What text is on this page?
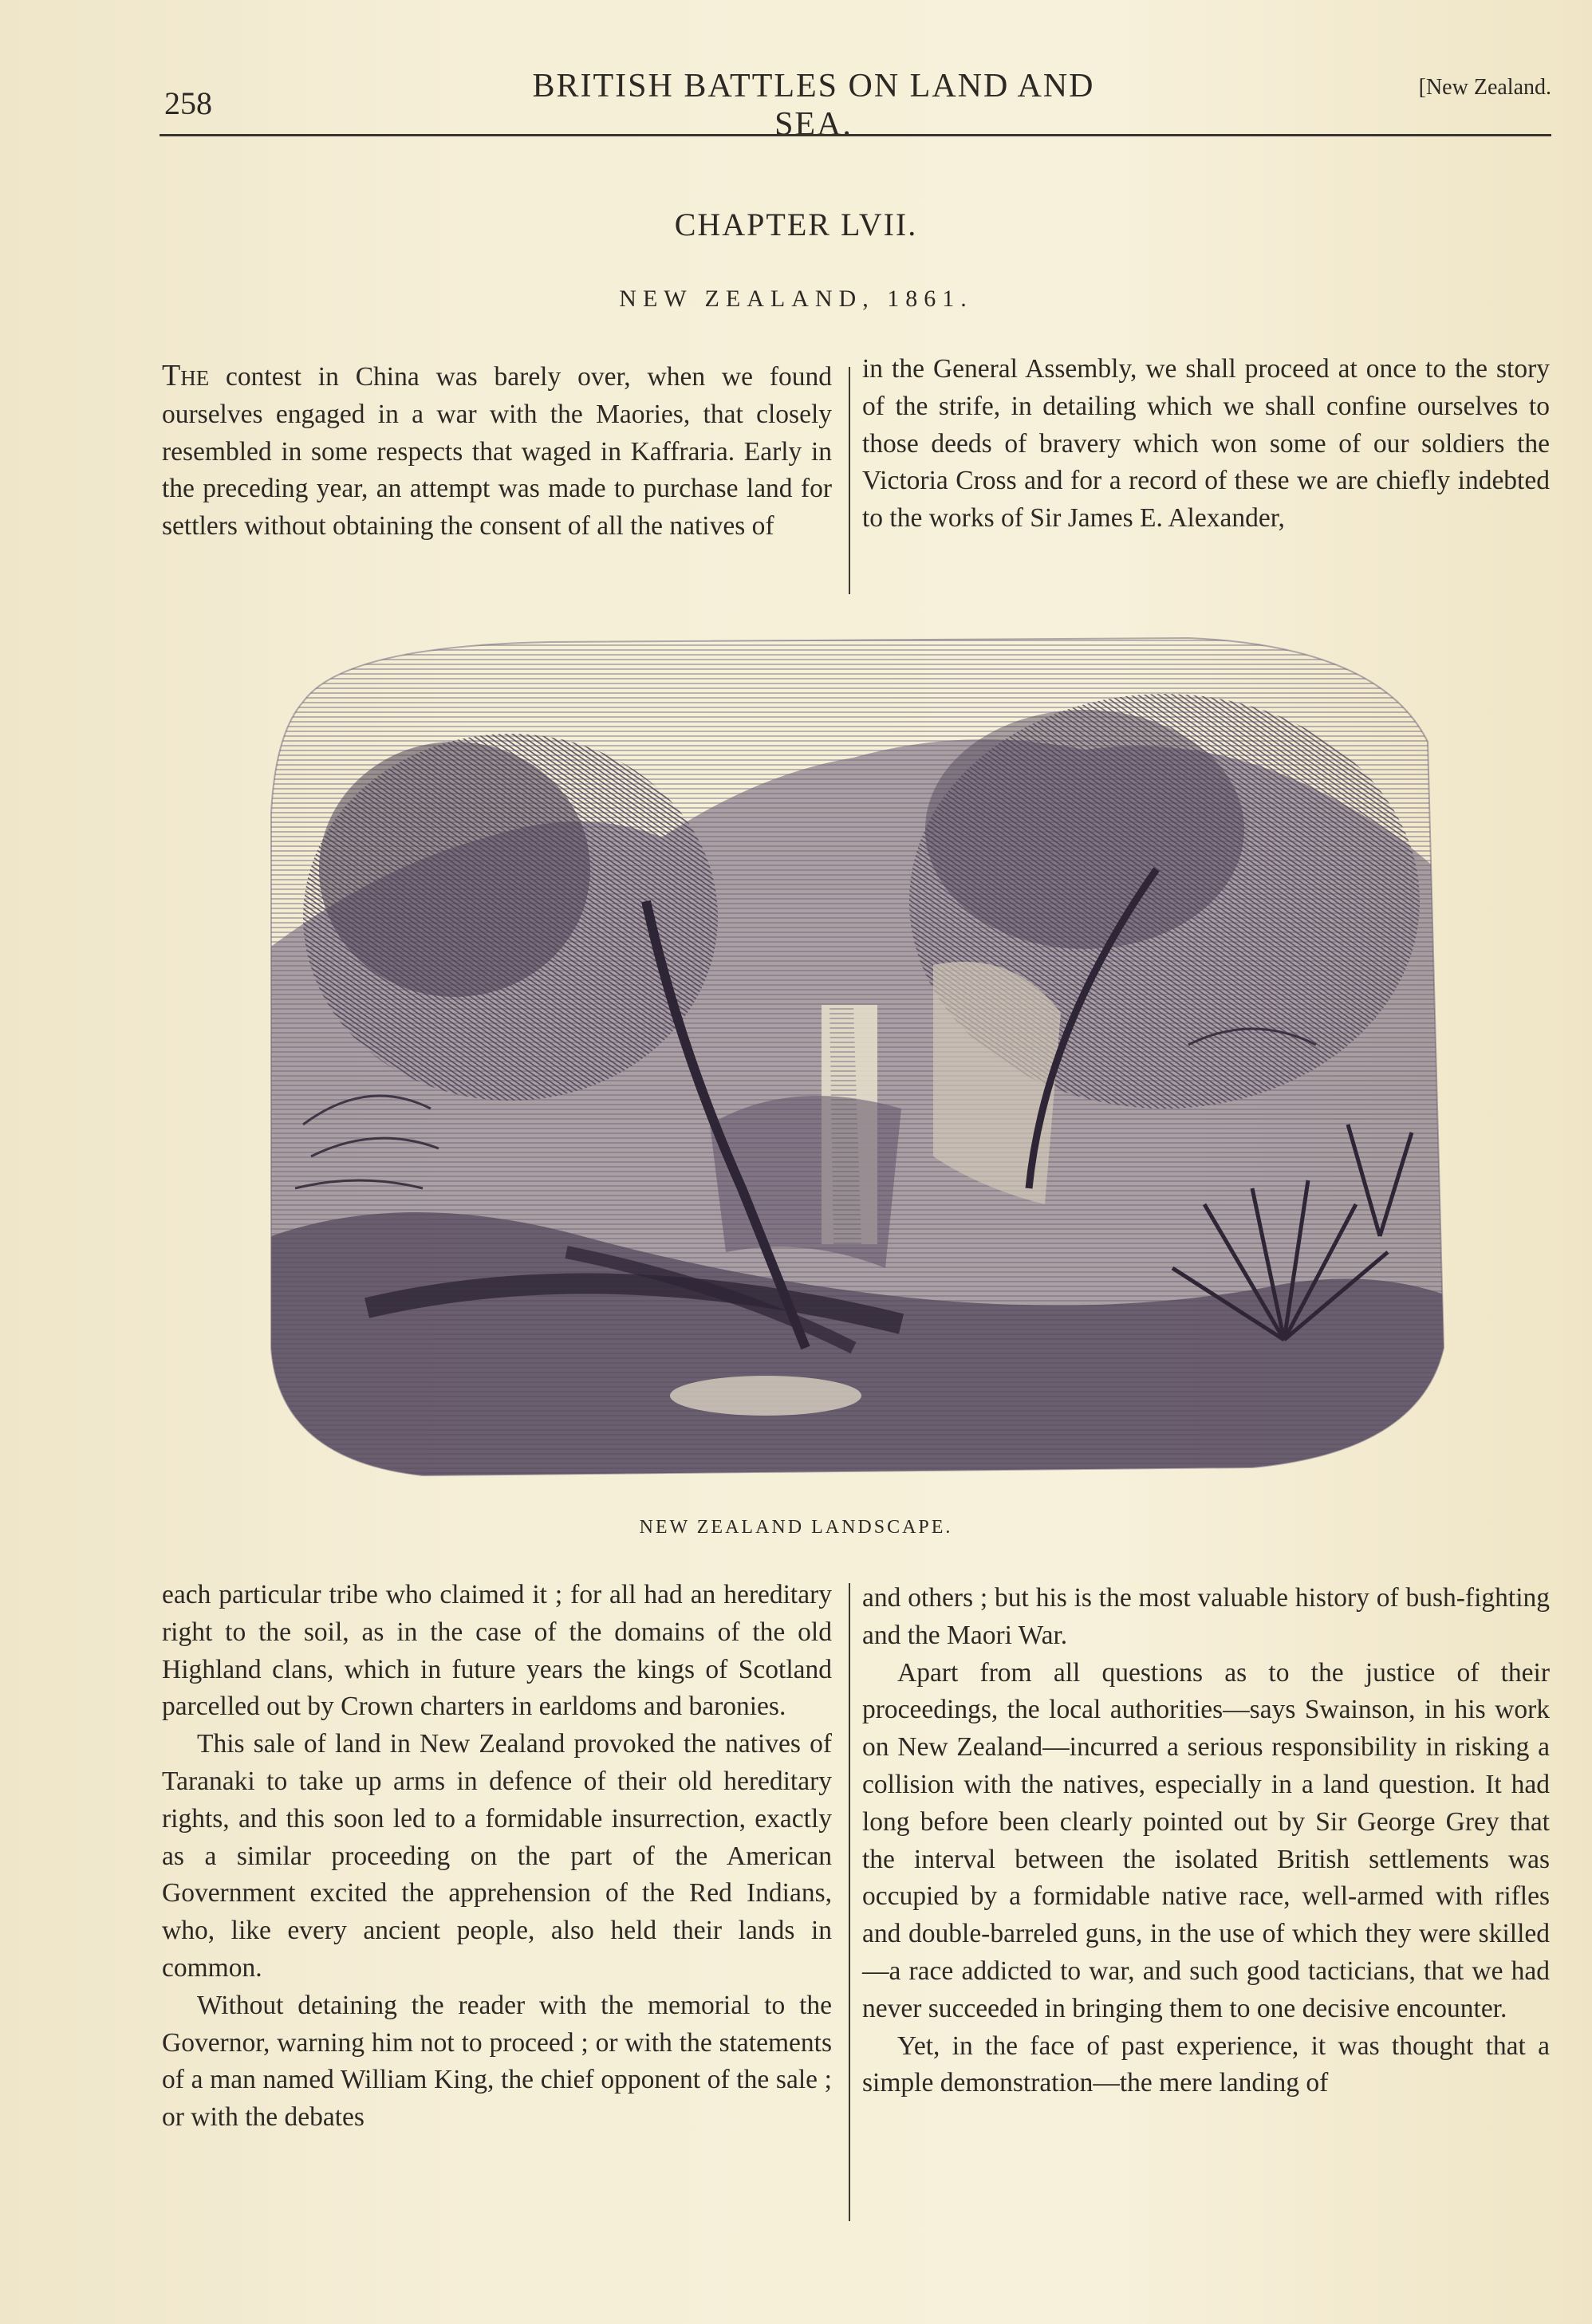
258	BRITISH BATTLES ON LAND AND SEA.
[New Zealand.
CHAPTER LVII.
NEW ZEALAND, 1861.

The contest in China was barely over, when we found ourselves engaged in a war with the Maories, that closely resembled in some respects that waged in Kaffraria. Early in the preceding year, an attempt was made to purchase land for settlers without obtaining the consent of all the natives of

in the General Assembly, we shall proceed at once to the story of the strife, in detailing which we shall confine ourselves to those deeds of bravery which won some of our soldiers the Victoria Cross and for a record of these we are chiefly indebted to the works of Sir James E. Alexander,

NEW ZEALAND LANDSCAPE.

each particular tribe who claimed it ; for all had an hereditary right to the soil, as in the case of the domains of the old Highland clans, which in future years the kings of Scotland parcelled out by Crown charters in earldoms and baronies.

This sale of land in New Zealand provoked the natives of Taranaki to take up arms in defence of their old hereditary rights, and this soon led to a formidable insurrection, exactly as a similar proceeding on the part of the American Government excited the apprehension of the Red Indians, who, like every ancient people, also held their lands in common.

Without detaining the reader with the memorial to the Governor, warning him not to proceed ; or with the statements of a man named William King, the chief opponent of the sale ; or with the debates

and others ; but his is the most valuable history of bush-fighting and the Maori War.

Apart from all questions as to the justice of their proceedings, the local authorities—says Swainson, in his work on New Zealand—incurred a serious responsibility in risking a collision with the natives, especially in a land question. It had long before been clearly pointed out by Sir George Grey that the interval between the isolated British settlements was occupied by a formidable native race, well-armed with rifles and double-barreled guns, in the use of which they were skilled—a race addicted to war, and such good tacticians, that we had never succeeded in bringing them to one decisive encounter.

Yet, in the face of past experience, it was thought that a simple demonstration—the mere landing of
